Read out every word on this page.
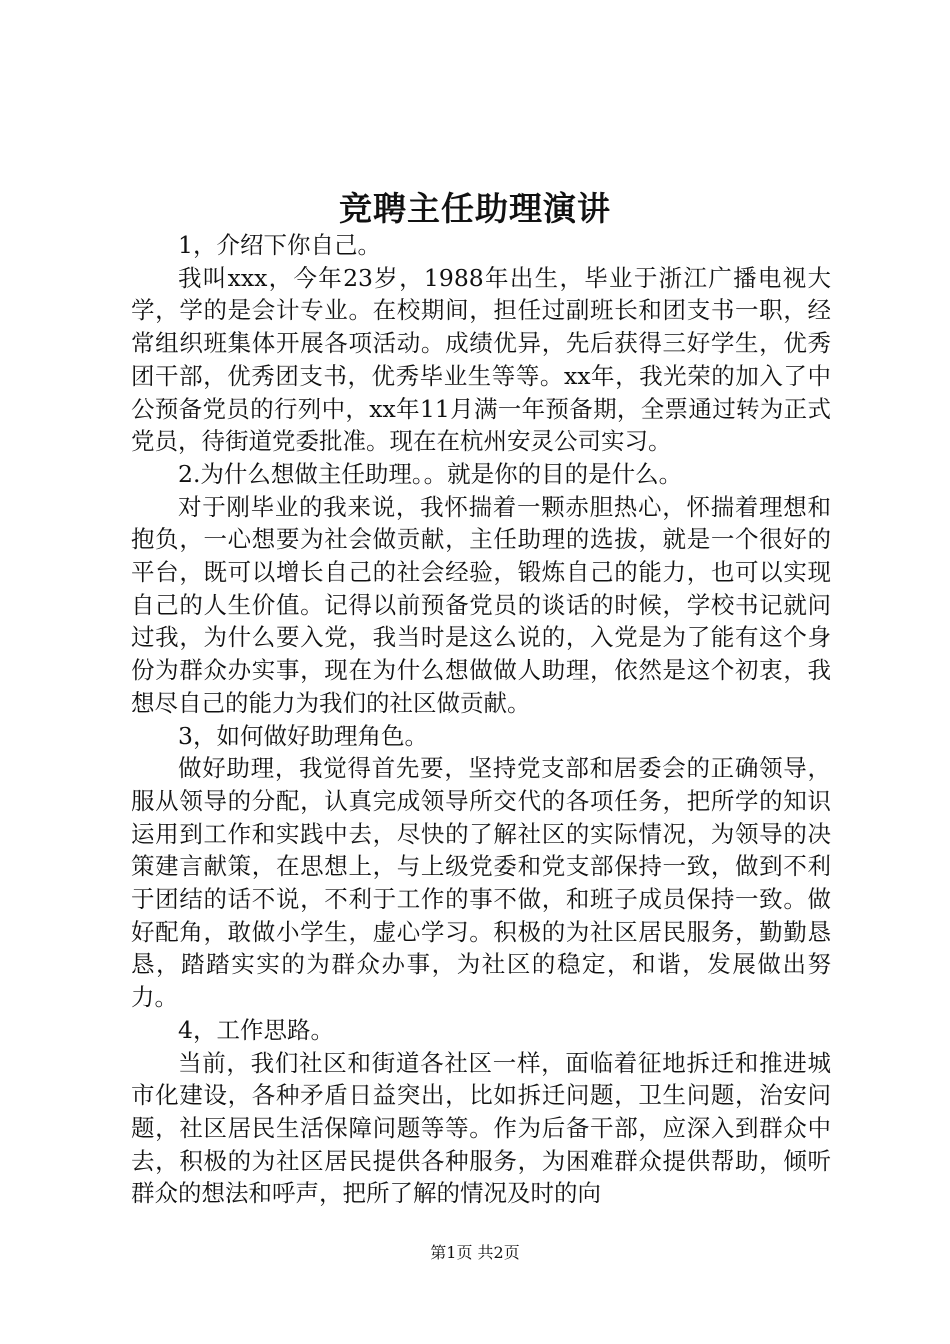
竞聘主任助理演讲

1，介绍下你自己。

我叫xxx，今年23岁，1988年出生，毕业于浙江广播电视大学，学的是会计专业。在校期间，担任过副班长和团支书一职，经常组织班集体开展各项活动。成绩优异，先后获得三好学生，优秀团干部，优秀团支书，优秀毕业生等等。xx年，我光荣的加入了中公预备党员的行列中，xx年11月满一年预备期，全票通过转为正式党员，待街道党委批准。现在在杭州安灵公司实习。

2.为什么想做主任助理。。就是你的目的是什么。

对于刚毕业的我来说，我怀揣着一颗赤胆热心，怀揣着理想和抱负，一心想要为社会做贡献，主任助理的选拔，就是一个很好的平台，既可以增长自己的社会经验，锻炼自己的能力，也可以实现自己的人生价值。记得以前预备党员的谈话的时候，学校书记就问过我，为什么要入党，我当时是这么说的，入党是为了能有这个身份为群众办实事，现在为什么想做做人助理，依然是这个初衷，我想尽自己的能力为我们的社区做贡献。

3，如何做好助理角色。

做好助理，我觉得首先要，坚持党支部和居委会的正确领导，服从领导的分配，认真完成领导所交代的各项任务，把所学的知识运用到工作和实践中去，尽快的了解社区的实际情况，为领导的决策建言献策，在思想上，与上级党委和党支部保持一致，做到不利于团结的话不说，不利于工作的事不做，和班子成员保持一致。做好配角，敢做小学生，虚心学习。积极的为社区居民服务，勤勤恳恳，踏踏实实的为群众办事，为社区的稳定，和谐，发展做出努力。

4，工作思路。

当前，我们社区和街道各社区一样，面临着征地拆迁和推进城市化建设，各种矛盾日益突出，比如拆迁问题，卫生问题，治安问题，社区居民生活保障问题等等。作为后备干部，应深入到群众中去，积极的为社区居民提供各种服务，为困难群众提供帮助，倾听群众的想法和呼声，把所了解的情况及时的向

第1页 共2页
